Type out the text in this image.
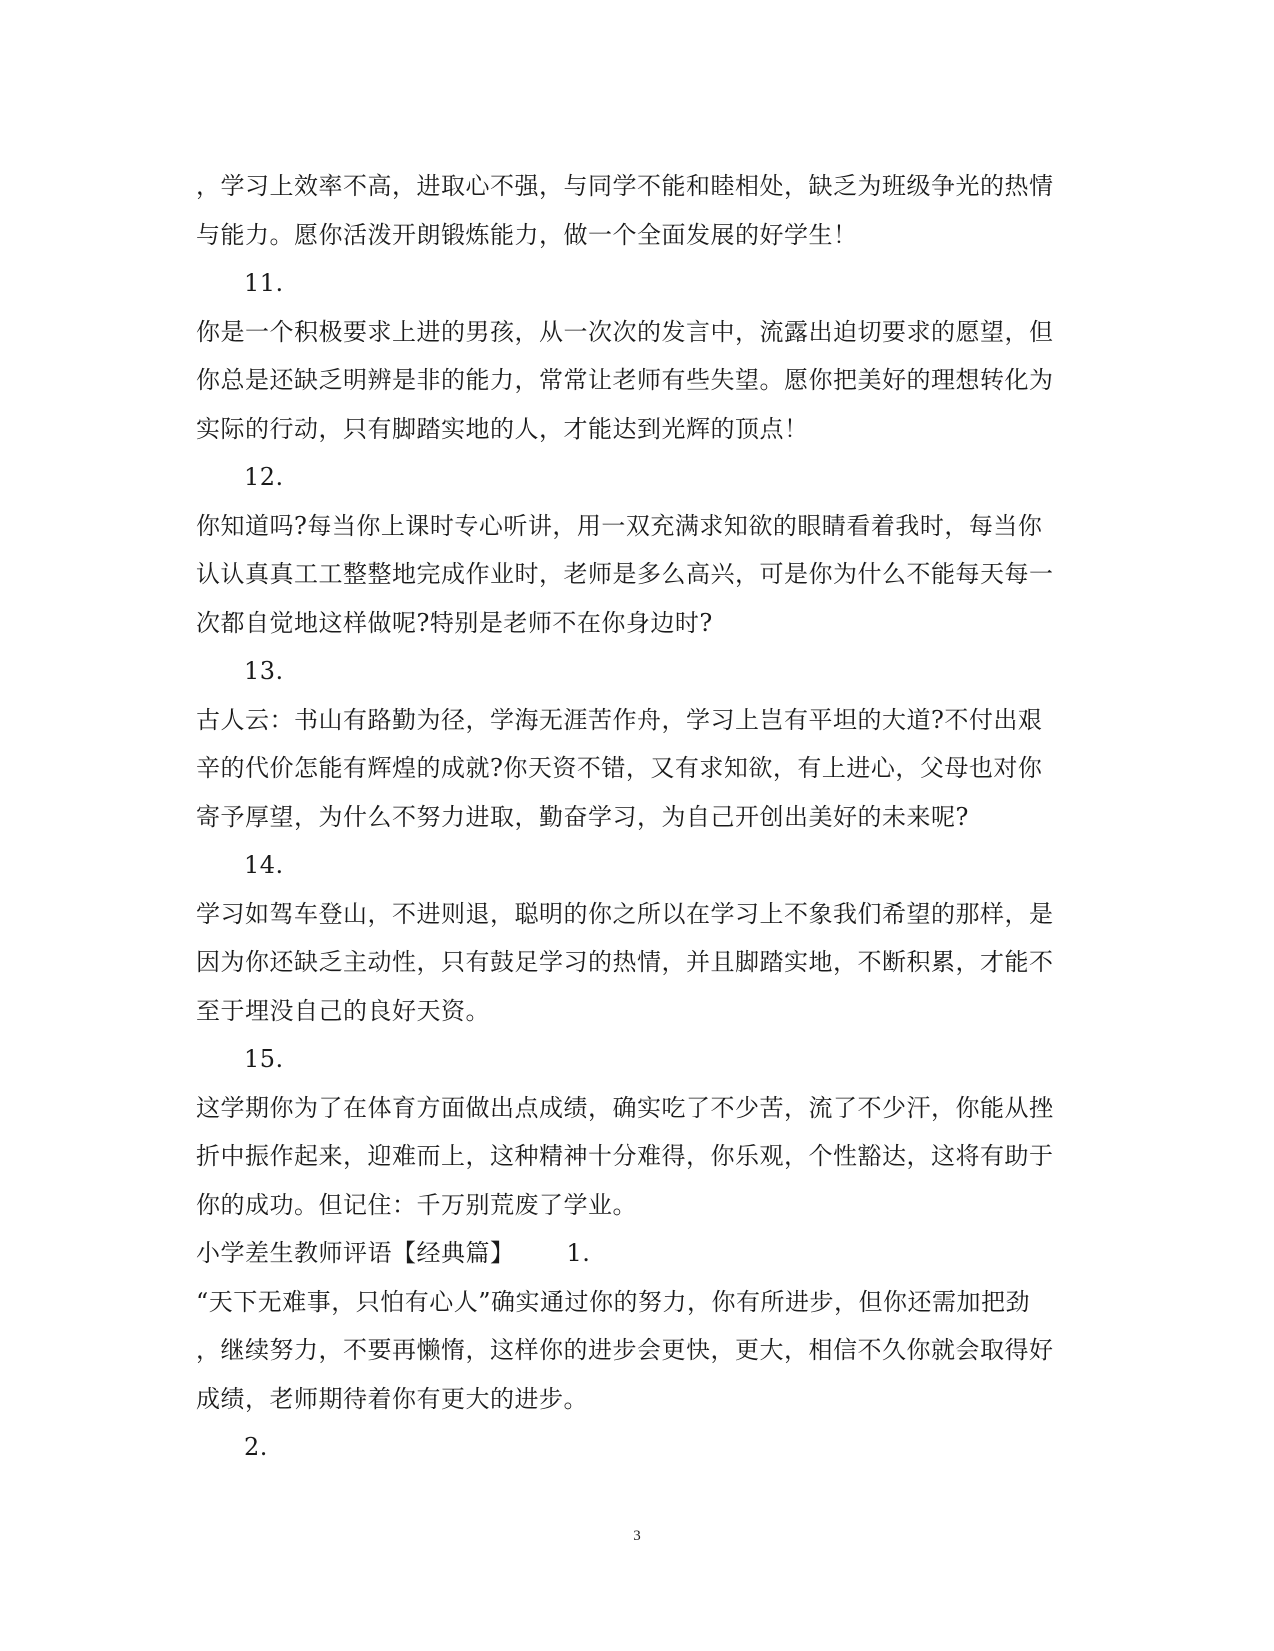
，学习上效率不高，进取心不强，与同学不能和睦相处，缺乏为班级争光的热情
与能力。愿你活泼开朗锻炼能力，做一个全面发展的好学生！
11.
你是一个积极要求上进的男孩，从一次次的发言中，流露出迫切要求的愿望，但
你总是还缺乏明辨是非的能力，常常让老师有些失望。愿你把美好的理想转化为
实际的行动，只有脚踏实地的人，才能达到光辉的顶点！
12.
你知道吗?每当你上课时专心听讲，用一双充满求知欲的眼睛看着我时，每当你
认认真真工工整整地完成作业时，老师是多么高兴，可是你为什么不能每天每一
次都自觉地这样做呢?特别是老师不在你身边时?
13.
古人云：书山有路勤为径，学海无涯苦作舟，学习上岂有平坦的大道?不付出艰
辛的代价怎能有辉煌的成就?你天资不错，又有求知欲，有上进心，父母也对你
寄予厚望，为什么不努力进取，勤奋学习，为自己开创出美好的未来呢?
14.
学习如驾车登山，不进则退，聪明的你之所以在学习上不象我们希望的那样，是
因为你还缺乏主动性，只有鼓足学习的热情，并且脚踏实地，不断积累，才能不
至于埋没自己的良好天资。
15.
这学期你为了在体育方面做出点成绩，确实吃了不少苦，流了不少汗，你能从挫
折中振作起来，迎难而上，这种精神十分难得，你乐观，个性豁达，这将有助于
你的成功。但记住：千万别荒废了学业。
小学差生教师评语【经典篇】 1.
“天下无难事，只怕有心人”确实通过你的努力，你有所进步，但你还需加把劲
，继续努力，不要再懒惰，这样你的进步会更快，更大，相信不久你就会取得好
成绩，老师期待着你有更大的进步。
2.
3
